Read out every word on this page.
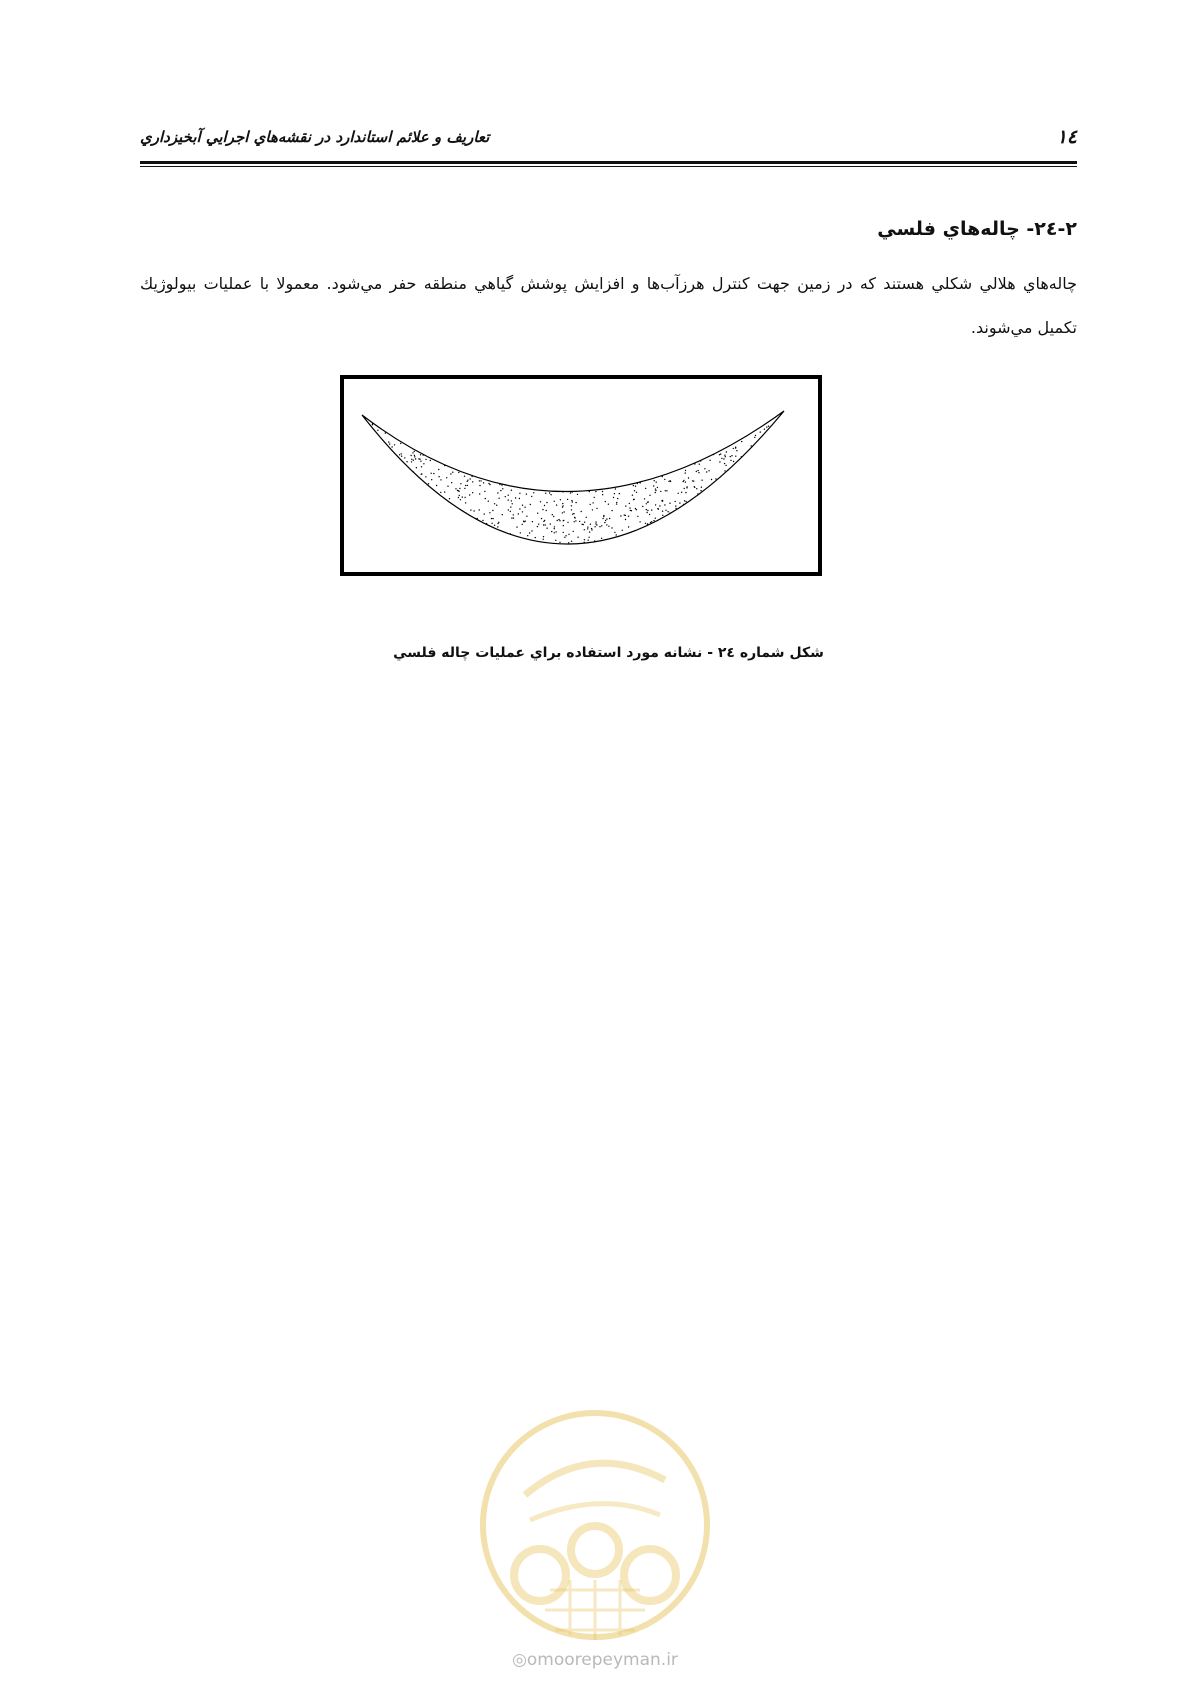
١٤
تعاريف و علائم استاندارد در نقشه‌هاي اجرايي آبخيزداري
٢-٢٤- چاله‌هاي فلسي
چاله‌هاي هلالي شكلي هستند كه در زمين جهت كنترل هرزآب‌ها و افزايش پوشش گياهي منطقه حفر مي‌شود. معمولا با عمليات بيولوژيك تكميل مي‌شوند.
شكل شماره ٢٤ - نشانه مورد استفاده براي عمليات چاله فلسي
◎omoorepeyman.ir
